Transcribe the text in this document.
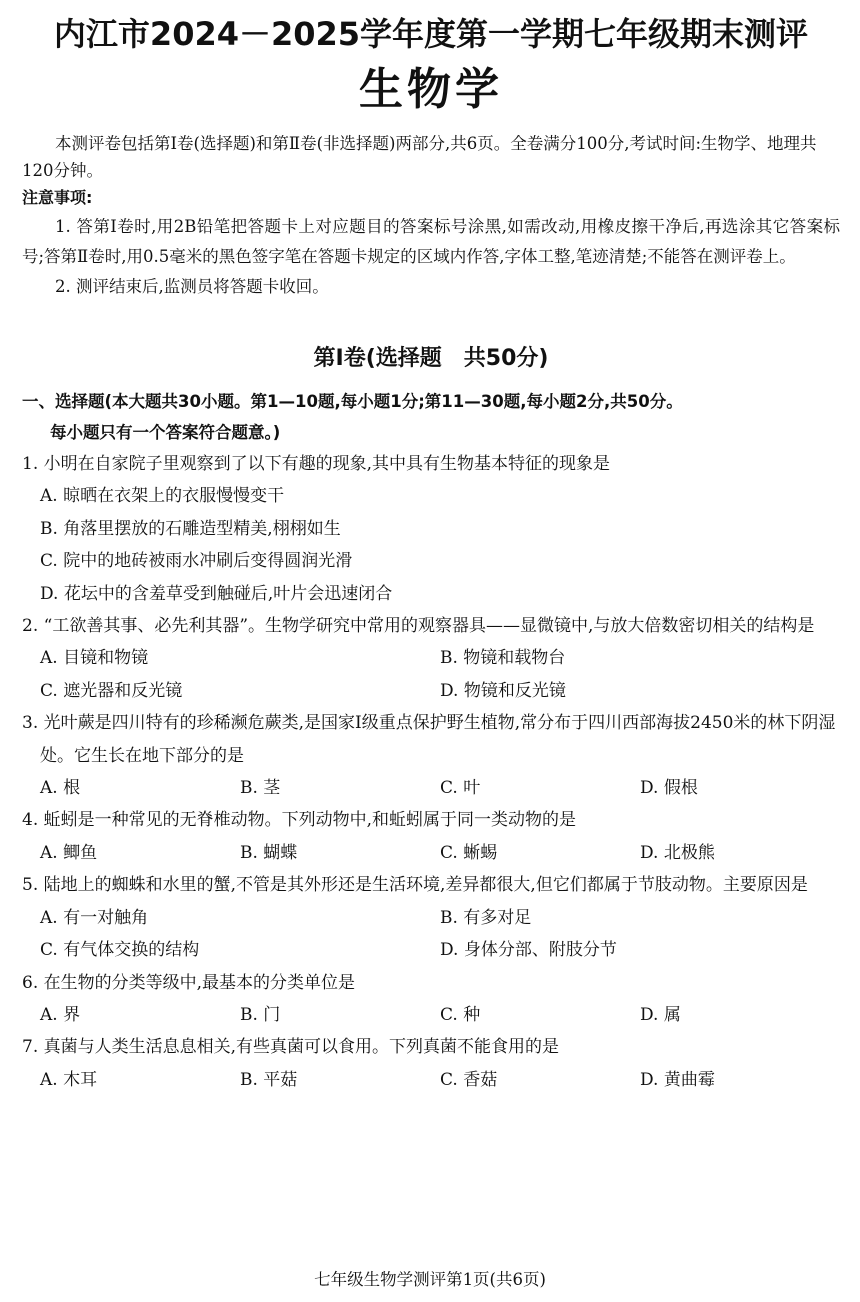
内江市2024－2025学年度第一学期七年级期末测评
生物学

本测评卷包括第Ⅰ卷(选择题)和第Ⅱ卷(非选择题)两部分,共6页。全卷满分100分,考试时间:生物学、地理共120分钟。

注意事项:

1. 答第Ⅰ卷时,用2B铅笔把答题卡上对应题目的答案标号涂黑,如需改动,用橡皮擦干净后,再选涂其它答案标号;答第Ⅱ卷时,用0.5毫米的黑色签字笔在答题卡规定的区域内作答,字体工整,笔迹清楚;不能答在测评卷上。

2. 测评结束后,监测员将答题卡收回。

第Ⅰ卷(选择题　共50分)

一、选择题(本大题共30小题。第1—10题,每小题1分;第11—30题,每小题2分,共50分。
每小题只有一个答案符合题意。)

1. 小明在自家院子里观察到了以下有趣的现象,其中具有生物基本特征的现象是

A. 晾晒在衣架上的衣服慢慢变干
B. 角落里摆放的石雕造型精美,栩栩如生
C. 院中的地砖被雨水冲刷后变得圆润光滑
D. 花坛中的含羞草受到触碰后,叶片会迅速闭合

2. “工欲善其事、必先利其器”。生物学研究中常用的观察器具——显微镜中,与放大倍数密切相关的结构是

A. 目镜和物镜	B. 物镜和载物台
C. 遮光器和反光镜	D. 物镜和反光镜

3. 光叶蕨是四川特有的珍稀濒危蕨类,是国家Ⅰ级重点保护野生植物,常分布于四川西部海拔2450米的林下阴湿处。它生长在地下部分的是

A. 根	B. 茎	C. 叶	D. 假根

4. 蚯蚓是一种常见的无脊椎动物。下列动物中,和蚯蚓属于同一类动物的是

A. 鲫鱼	B. 蝴蝶	C. 蜥蜴	D. 北极熊

5. 陆地上的蜘蛛和水里的蟹,不管是其外形还是生活环境,差异都很大,但它们都属于节肢动物。主要原因是

A. 有一对触角	B. 有多对足
C. 有气体交换的结构	D. 身体分部、附肢分节

6. 在生物的分类等级中,最基本的分类单位是

A. 界	B. 门	C. 种	D. 属

7. 真菌与人类生活息息相关,有些真菌可以食用。下列真菌不能食用的是

A. 木耳	B. 平菇	C. 香菇	D. 黄曲霉
七年级生物学测评第1页(共6页)
